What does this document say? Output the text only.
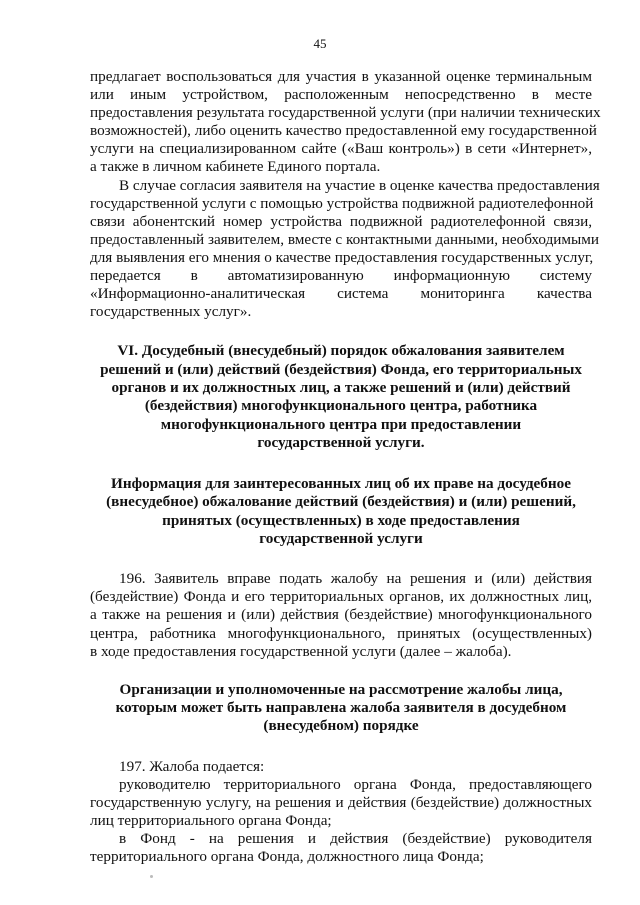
45

предлагает воспользоваться для участия в указанной оценке терминальным
или иным устройством, расположенным непосредственно в месте
предоставления результата государственной услуги (при наличии технических
возможностей), либо оценить качество предоставленной ему государственной
услуги на специализированном сайте («Ваш контроль») в сети «Интернет»,
а также в личном кабинете Единого портала.

В случае согласия заявителя на участие в оценке качества предоставления
государственной услуги с помощью устройства подвижной радиотелефонной
связи абонентский номер устройства подвижной радиотелефонной связи,
предоставленный заявителем, вместе с контактными данными, необходимыми
для выявления его мнения о качестве предоставления государственных услуг,
передается в автоматизированную информационную систему
«Информационно-аналитическая система мониторинга качества
государственных услуг».

VI. Досудебный (внесудебный) порядок обжалования заявителем
решений и (или) действий (бездействия) Фонда, его территориальных
органов и их должностных лиц, а также решений и (или) действий
(бездействия) многофункционального центра, работника
многофункционального центра при предоставлении
государственной услуги.

Информация для заинтересованных лиц об их праве на досудебное
(внесудебное) обжалование действий (бездействия) и (или) решений,
принятых (осуществленных) в ходе предоставления
государственной услуги

196. Заявитель вправе подать жалобу на решения и (или) действия
(бездействие) Фонда и его территориальных органов, их должностных лиц,
а также на решения и (или) действия (бездействие) многофункционального
центра, работника многофункционального, принятых (осуществленных)
в ходе предоставления государственной услуги (далее – жалоба).

Организации и уполномоченные на рассмотрение жалобы лица,
которым может быть направлена жалоба заявителя в досудебном
(внесудебном) порядке

197. Жалоба подается:

руководителю территориального органа Фонда, предоставляющего
государственную услугу, на решения и действия (бездействие) должностных
лиц территориального органа Фонда;

в Фонд - на решения и действия (бездействие) руководителя
территориального органа Фонда, должностного лица Фонда;
